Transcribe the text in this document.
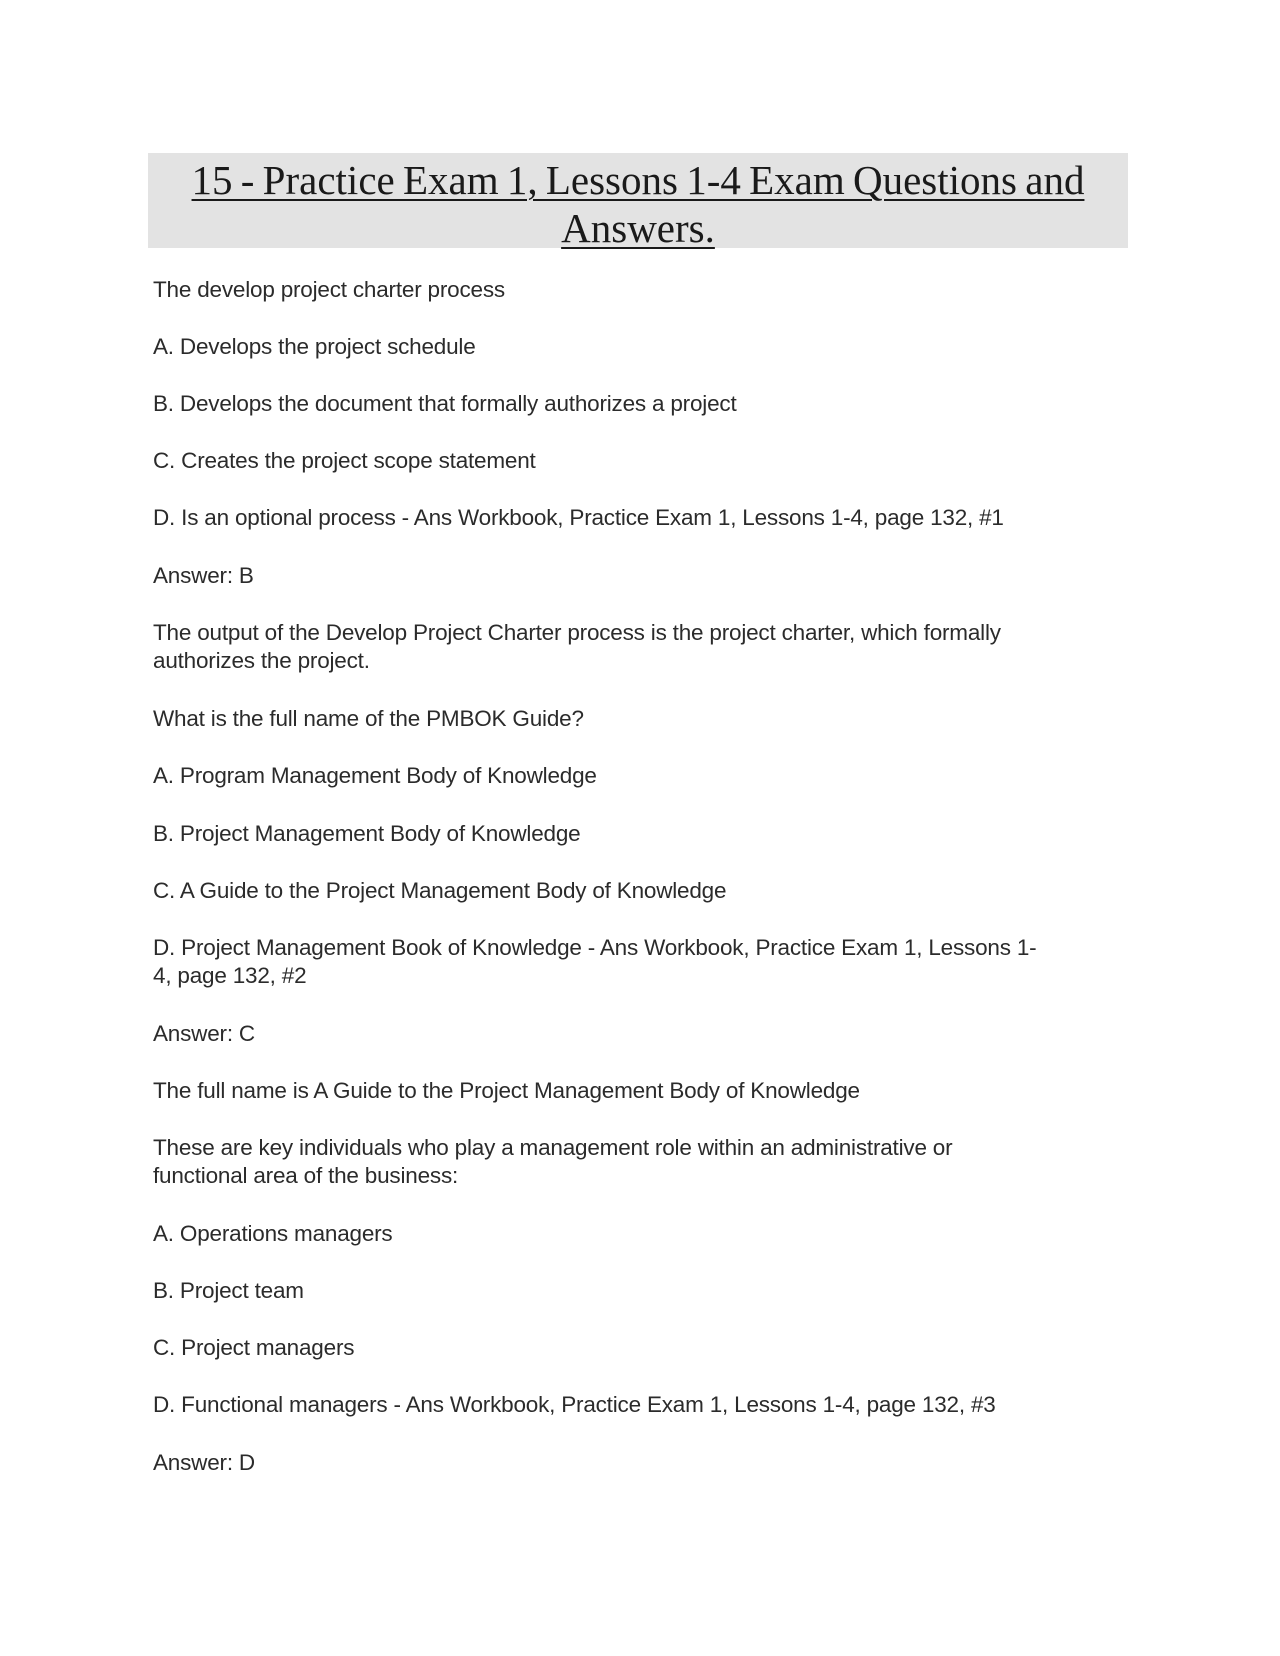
15 - Practice Exam 1, Lessons 1-4 Exam Questions and
Answers.
The develop project charter process
A. Develops the project schedule
B. Develops the document that formally authorizes a project
C. Creates the project scope statement
D. Is an optional process - Ans Workbook, Practice Exam 1, Lessons 1-4, page 132, #1
Answer: B
The output of the Develop Project Charter process is the project charter, which formally
authorizes the project.
What is the full name of the PMBOK Guide?
A. Program Management Body of Knowledge
B. Project Management Body of Knowledge
C. A Guide to the Project Management Body of Knowledge
D. Project Management Book of Knowledge - Ans Workbook, Practice Exam 1, Lessons 1-
4, page 132, #2
Answer: C
The full name is A Guide to the Project Management Body of Knowledge
These are key individuals who play a management role within an administrative or
functional area of the business:
A. Operations managers
B. Project team
C. Project managers
D. Functional managers - Ans Workbook, Practice Exam 1, Lessons 1-4, page 132, #3
Answer: D
